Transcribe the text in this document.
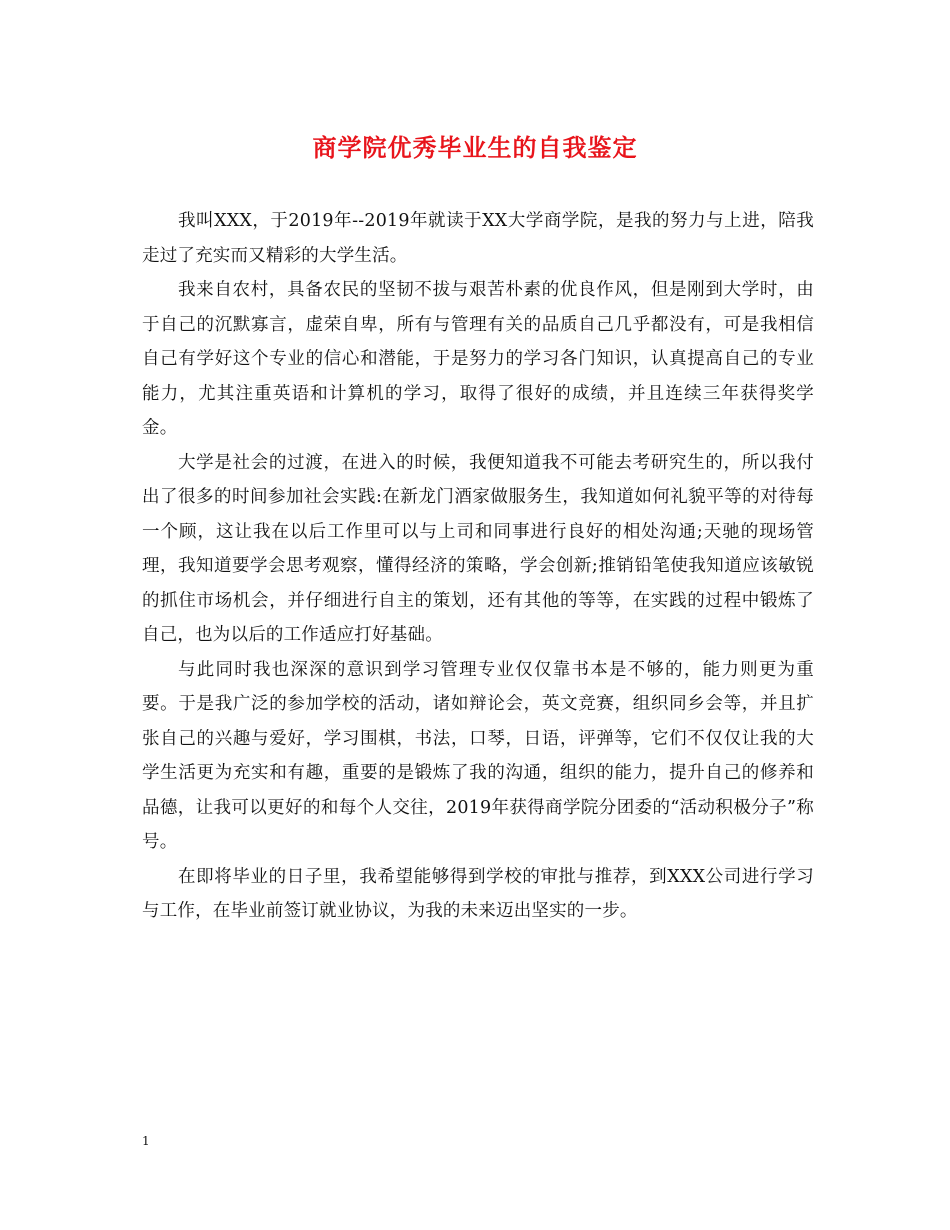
商学院优秀毕业生的自我鉴定

我叫XXX，于2019年--2019年就读于XX大学商学院，是我的努力与上进，陪我走过了充实而又精彩的大学生活。

我来自农村，具备农民的坚韧不拔与艰苦朴素的优良作风，但是刚到大学时，由于自己的沉默寡言，虚荣自卑，所有与管理有关的品质自己几乎都没有，可是我相信自己有学好这个专业的信心和潜能，于是努力的学习各门知识，认真提高自己的专业能力，尤其注重英语和计算机的学习，取得了很好的成绩，并且连续三年获得奖学金。

大学是社会的过渡，在进入的时候，我便知道我不可能去考研究生的，所以我付出了很多的时间参加社会实践:在新龙门酒家做服务生，我知道如何礼貌平等的对待每一个顾，这让我在以后工作里可以与上司和同事进行良好的相处沟通;天驰的现场管理，我知道要学会思考观察，懂得经济的策略，学会创新;推销铅笔使我知道应该敏锐的抓住市场机会，并仔细进行自主的策划，还有其他的等等，在实践的过程中锻炼了自己，也为以后的工作适应打好基础。

与此同时我也深深的意识到学习管理专业仅仅靠书本是不够的，能力则更为重要。于是我广泛的参加学校的活动，诸如辩论会，英文竞赛，组织同乡会等，并且扩张自己的兴趣与爱好，学习围棋，书法，口琴，日语，评弹等，它们不仅仅让我的大学生活更为充实和有趣，重要的是锻炼了我的沟通，组织的能力，提升自己的修养和品德，让我可以更好的和每个人交往，2019年获得商学院分团委的“活动积极分子”称号。

在即将毕业的日子里，我希望能够得到学校的审批与推荐，到XXX公司进行学习与工作，在毕业前签订就业协议，为我的未来迈出坚实的一步。

1
